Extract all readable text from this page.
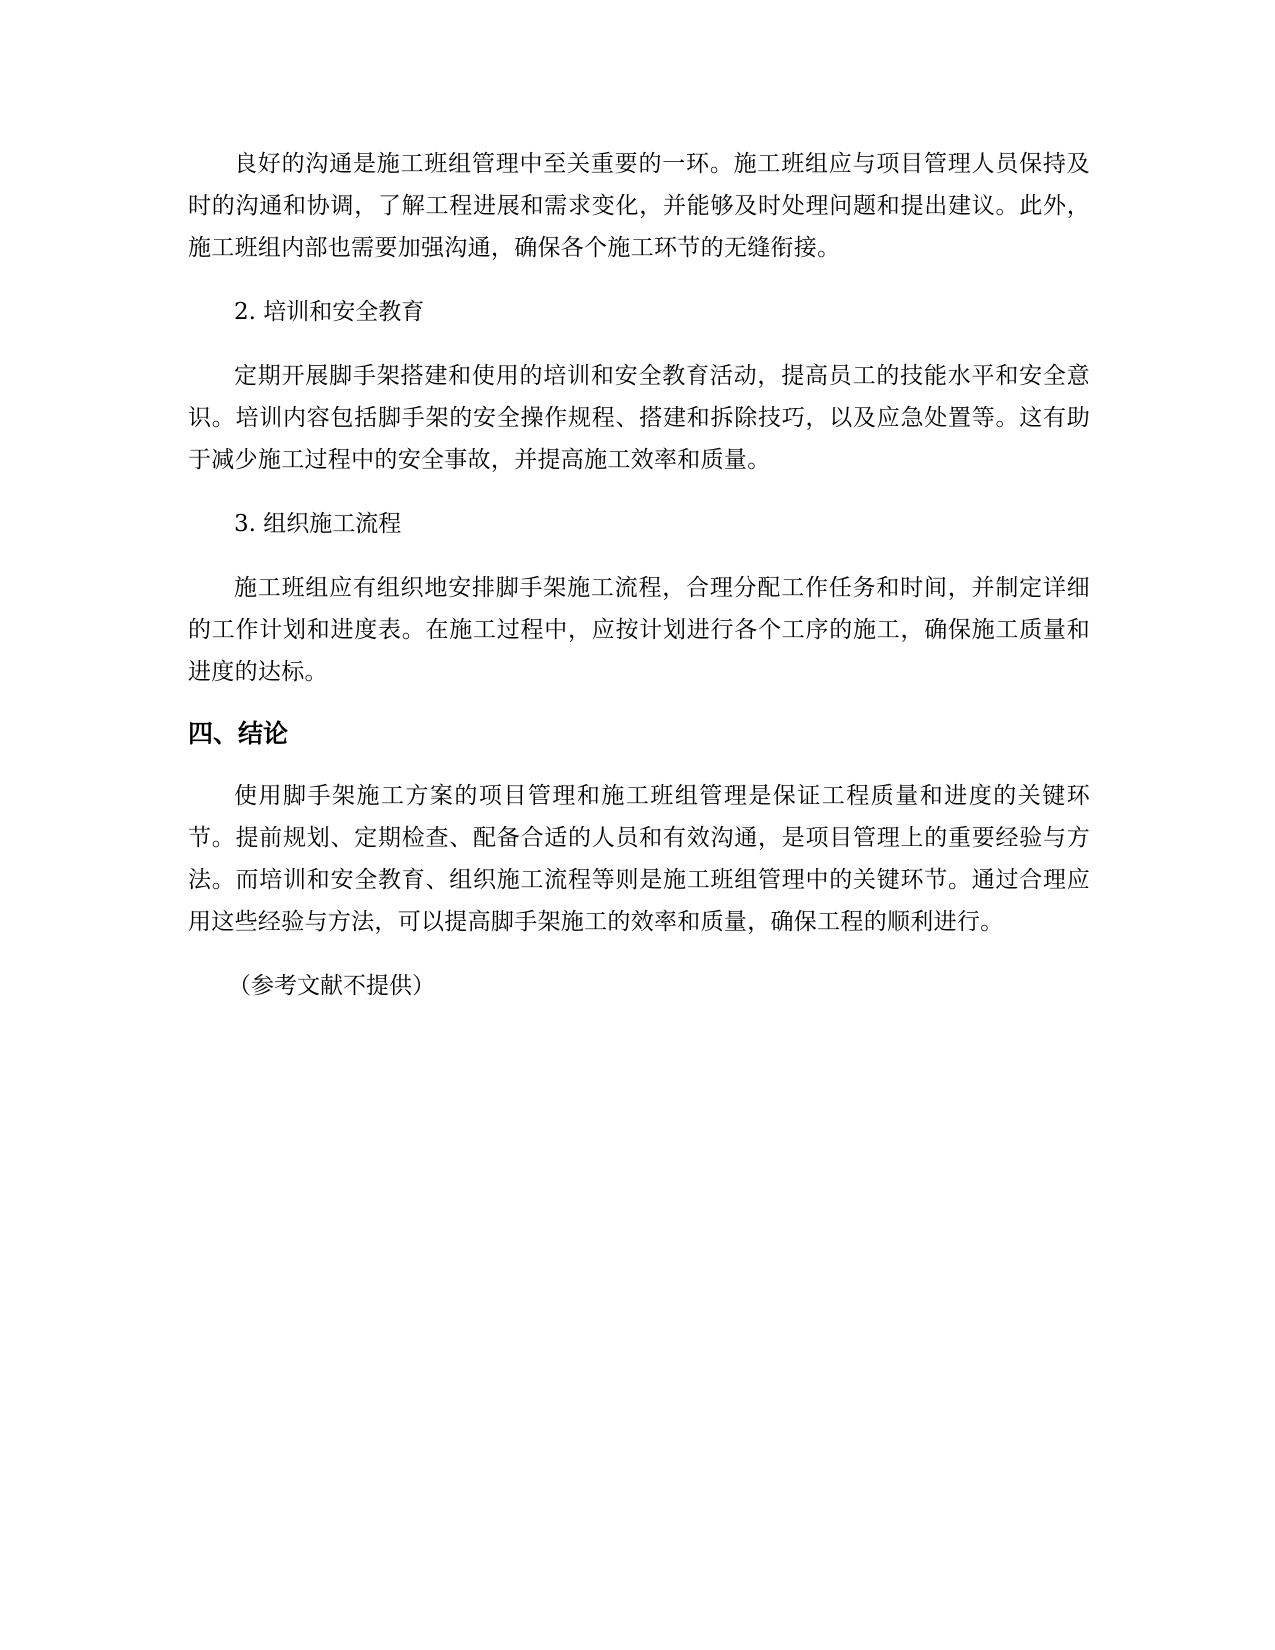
良好的沟通是施工班组管理中至关重要的一环。施工班组应与项目管理人员保持及时的沟通和协调，了解工程进展和需求变化，并能够及时处理问题和提出建议。此外，施工班组内部也需要加强沟通，确保各个施工环节的无缝衔接。

2. 培训和安全教育

定期开展脚手架搭建和使用的培训和安全教育活动，提高员工的技能水平和安全意识。培训内容包括脚手架的安全操作规程、搭建和拆除技巧，以及应急处置等。这有助于减少施工过程中的安全事故，并提高施工效率和质量。

3. 组织施工流程

施工班组应有组织地安排脚手架施工流程，合理分配工作任务和时间，并制定详细的工作计划和进度表。在施工过程中，应按计划进行各个工序的施工，确保施工质量和进度的达标。

四、结论

使用脚手架施工方案的项目管理和施工班组管理是保证工程质量和进度的关键环节。提前规划、定期检查、配备合适的人员和有效沟通，是项目管理上的重要经验与方法。而培训和安全教育、组织施工流程等则是施工班组管理中的关键环节。通过合理应用这些经验与方法，可以提高脚手架施工的效率和质量，确保工程的顺利进行。

（参考文献不提供）
